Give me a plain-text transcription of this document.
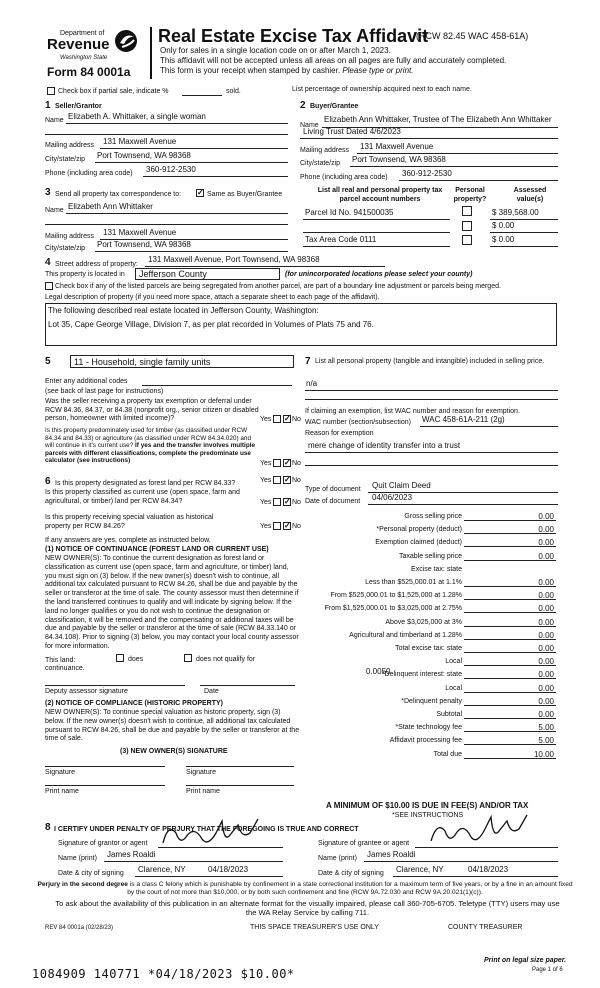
Department of
Revenue
Washington State
Form 84 0001a
Real Estate Excise Tax Affidavit
(RCW 82.45 WAC 458-61A)
Only for sales in a single location code on or after March 1, 2023.
This affidavit will not be accepted unless all areas on all pages are fully and accurately completed.
This form is your receipt when stamped by cashier. Please type or print.
Check box if partial sale, indicate %	sold.	List percentage of ownership acquired next to each name.
1 Seller/Grantor
Name Elizabeth A. Whittaker, a single woman
Mailing address 131 Maxwell Avenue
City/state/zip Port Townsend, WA 98368
Phone (including area code) 360-912-2530
2 Buyer/Grantee
Name
Elizabeth Ann Whittaker, Trustee of The Elizabeth Ann Whittaker
Living Trust Dated 4/6/2023
Mailing address 131 Maxwell Avenue
City/state/zip Port Townsend, WA 98368
Phone (including area code) 360-912-2530
3 Send all property tax correspondence to: ✓	Same as Buyer/Grantee
Name Elizabeth Ann Whittaker
Mailing address 131 Maxwell Avenue
City/state/zip Port Townsend, WA 98368
List all real and personal property tax
parcel account numbers
Personal
property?
Assessed
value(s)
Parcel Id No. 941500035	$ 389,568.00
$ 0.00
Tax Area Code 0111	$ 0.00
4 Street address of property:
131 Maxwell Avenue, Port Townsend, WA 98368
This property is located in Jefferson County	(for unincorporated locations please select your county)
Check box if any of the listed parcels are being segregated from another parcel, are part of a boundary line adjustment or parcels being merged.
Legal description of property (if you need more space, attach a separate sheet to each page of the affidavit).
The following described real estate located in Jefferson County, Washington:
Lot 35, Cape George Village, Division 7, as per plat recorded in Volumes of Plats 75 and 76.
5	11 - Household, single family units
Enter any additional codes
(see back of last page for instructions)
Was the seller receiving a property tax exemption or deferral under RCW 84.36, 84.37, or 84.38 (nonprofit org., senior citizen or disabled person, homeowner with limited income)?	Yes ✓	No
Is this property predominately used for timber (as classified under RCW 84.34 and 84.33) or agriculture (as classified under RCW 84.34.020) and will continue in it's current use? If yes and the transfer involves multiple parcels with different classifications, complete the predominate use calculator (see instructions)	Yes ✓	No
6 Is this property designated as forest land per RCW 84.33?	Yes ✓	No
Is this property classified as current use (open space, farm and agricultural, or timber) land per RCW 84.34?	Yes ✓	No
Is this property receiving special valuation as historical property per RCW 84.26?	Yes ✓	No
If any answers are yes, complete as instructed below.
(1) NOTICE OF CONTINUANCE (FOREST LAND OR CURRENT USE)
NEW OWNER(S): To continue the current designation as forest land or classification as current use (open space, farm and agriculture, or timber) land, you must sign on (3) below. If the new owner(s) doesn't wish to continue, all additional tax calculated pursuant to RCW 84.26, shall be due and payable by the seller or transferor at the time of sale. The county assessor must then determine if the land transferred continues to qualify and will indicate by signing below. If the land no longer qualifies or you do not wish to continue the designation or classification, it will be removed and the compensating or additional taxes will be due and payable by the seller or transferor at the time of sale (RCW 84.33.140 or 84.34.108). Prior to signing (3) below, you may contact your local county assessor for more information.
This land:
continuance.
does	does not qualify for
Deputy assessor signature	Date
(2) NOTICE OF COMPLIANCE (HISTORIC PROPERTY)
NEW OWNER(S): To continue special valuation as historic property, sign (3) below. If the new owner(s) doesn't wish to continue, all additional tax calculated pursuant to RCW 84.26, shall be due and payable by the seller or transferor at the time of sale.
(3) NEW OWNER(S) SIGNATURE
Signature	Signature
Print name	Print name
7 List all personal property (tangible and intangible) included in selling price.
n/a
If claiming an exemption, list WAC number and reason for exemption.
WAC number (section/subsection) WAC 458-61A-211 (2g)
Reason for exemption
mere change of identity transfer into a trust
Type of document Quit Claim Deed
Date of document 04/06/2023
Gross selling price	0.00
*Personal property (deduct)	0.00
Exemption claimed (deduct)	0.00
Taxable selling price	0.00
Excise tax: state
Less than $525,000.01 at 1.1%	0.00
From $525,000.01 to $1,525,000 at 1.28%	0.00
From $1,525,000.01 to $3,025,000 at 2.75%	0.00
Above $3,025,000 at 3%	0.00
Agricultural and timberland at 1.28%	0.00
Total excise tax: state	0.00
Local	0.00
*Delinquent interest: state	0.00
Local	0.00
*Delinquent penalty	0.00
Subtotal	0.00
*State technology fee	5.00
Affidavit processing fee	5.00
Total due	10.00
0.0050
A MINIMUM OF $10.00 IS DUE IN FEE(S) AND/OR TAX
*SEE INSTRUCTIONS
8 I CERTIFY UNDER PENALTY OF PERJURY THAT THE FOREGOING IS TRUE AND CORRECT
Signature of grantor or agent	Signature of grantee or agent
Name (print) James Roaldi	Name (print) James Roaldi
Date & city of signing Clarence, NY	04/18/2023	Date & city of signing Clarence, NY	04/18/2023
Perjury in the second degree is a class C felony which is punishable by confinement in a state correctional institution for a maximum term of five years, or by a fine in an amount fixed by the court of not more than $10,000, or by both such confinement and fine (RCW 9A.72.030 and RCW 9A.20.021(1)(c)).
To ask about the availability of this publication in an alternate format for the visually impaired, please call 360-705-6705. Teletype (TTY) users may use the WA Relay Service by calling 711.
REV 84 0001a (02/28/23)	THIS SPACE TREASURER'S USE ONLY	COUNTY TREASURER
Print on legal size paper.
Page 1 of 6
1084909 140771 *04/18/2023 $10.00*
